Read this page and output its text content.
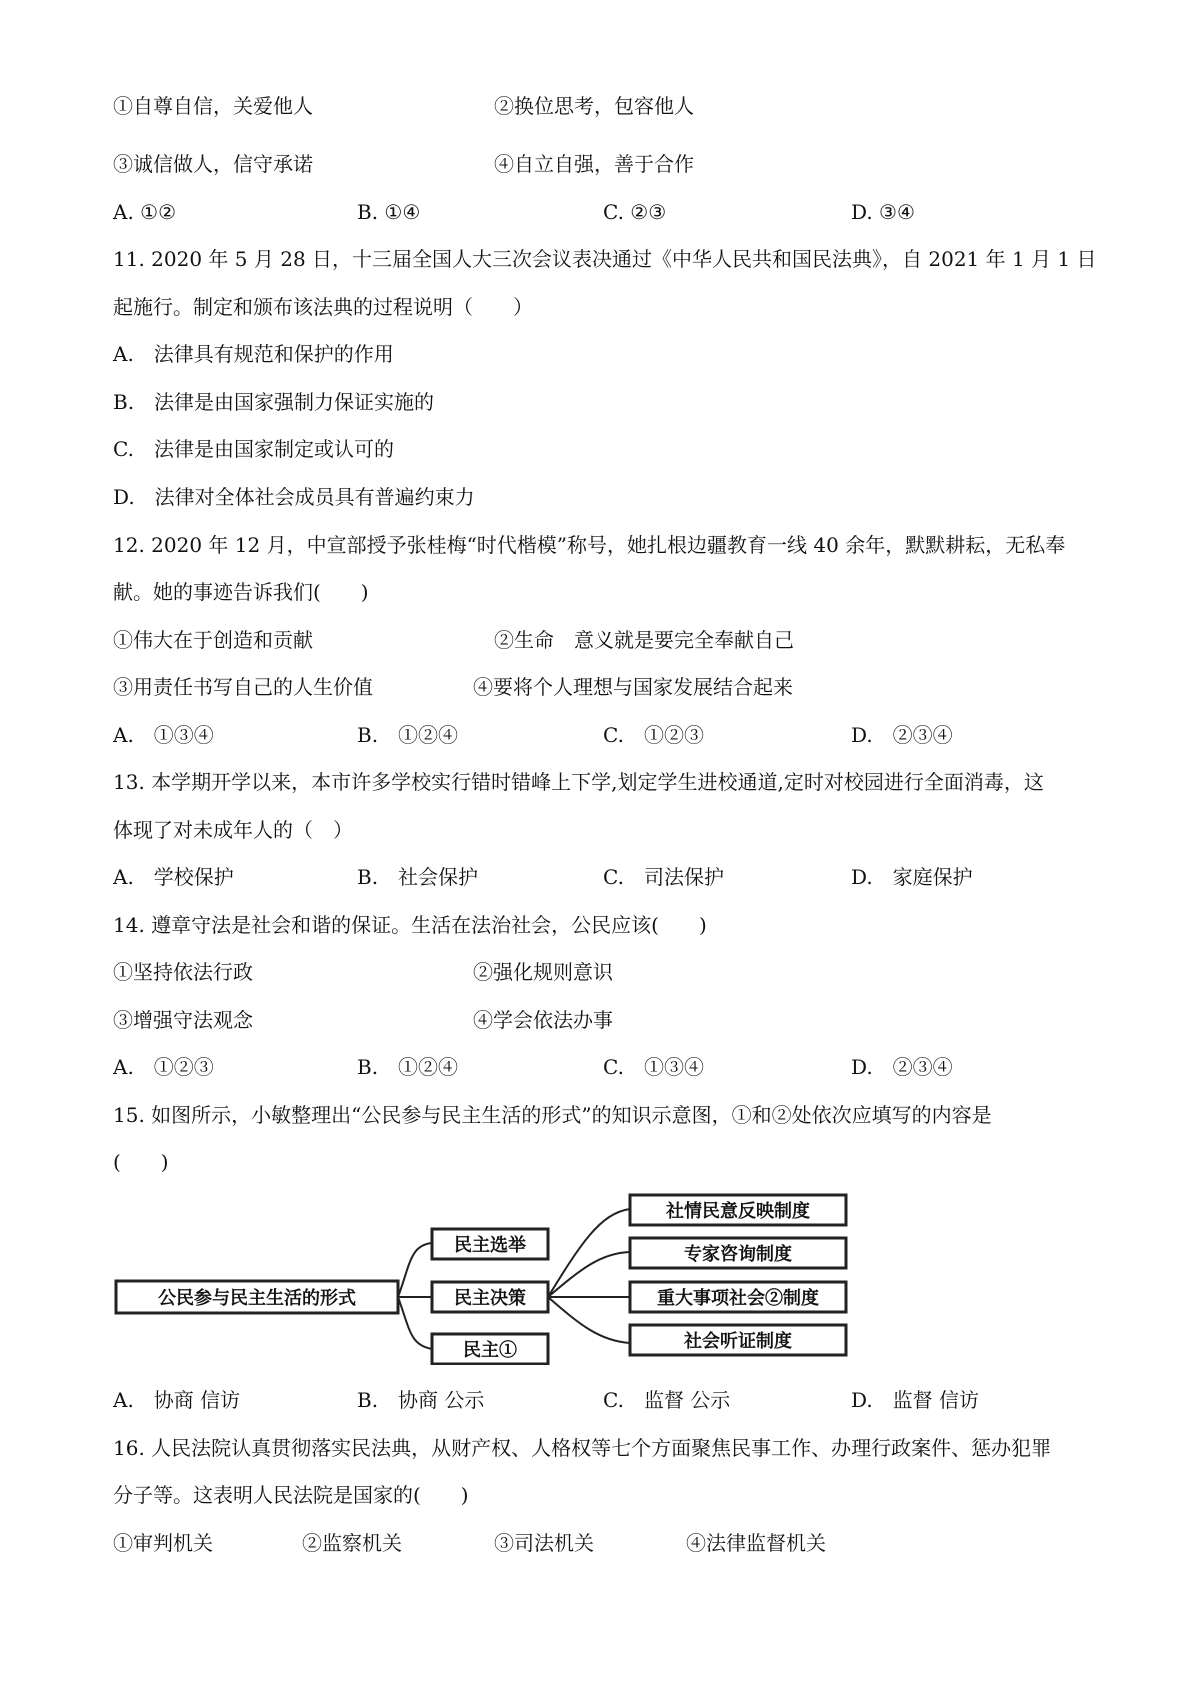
①自尊自信，关爱他人	②换位思考，包容他人
③诚信做人，信守承诺	④自立自强，善于合作
A. ①②	B. ①④	C. ②③	D. ③④
11. 2020 年 5 月 28 日，十三届全国人大三次会议表决通过《中华人民共和国民法典》，自 2021 年 1 月 1 日
起施行。制定和颁布该法典的过程说明（　　）
A.　法律具有规范和保护的作用
B.　法律是由国家强制力保证实施的
C.　法律是由国家制定或认可的
D.　法律对全体社会成员具有普遍约束力
12. 2020 年 12 月，中宣部授予张桂梅“时代楷模”称号，她扎根边疆教育一线 40 余年，默默耕耘，无私奉
献。她的事迹告诉我们(　　)
①伟大在于创造和贡献	②生命　意义就是要完全奉献自己
③用责任书写自己的人生价值	④要将个人理想与国家发展结合起来
A.　①③④	B.　①②④	C.　①②③	D.　②③④
13. 本学期开学以来，本市许多学校实行错时错峰上下学,划定学生进校通道,定时对校园进行全面消毒，这
体现了对未成年人的（　）
A.　学校保护	B.　社会保护	C.　司法保护	D.　家庭保护
14. 遵章守法是社会和谐的保证。生活在法治社会，公民应该(　　)
①坚持依法行政	②强化规则意识
③增强守法观念	④学会依法办事
A.　①②③	B.　①②④	C.　①③④	D.　②③④
15. 如图所示，小敏整理出“公民参与民主生活的形式”的知识示意图，①和②处依次应填写的内容是
(　　)
公民参与民主生活的形式
民主选举
民主决策
民主①
社情民意反映制度
专家咨询制度
重大事项社会②制度
社会听证制度
A.　协商 信访	B.　协商 公示	C.　监督 公示	D.　监督 信访
16. 人民法院认真贯彻落实民法典，从财产权、人格权等七个方面聚焦民事工作、办理行政案件、惩办犯罪
分子等。这表明人民法院是国家的(　　)
①审判机关	②监察机关	③司法机关	④法律监督机关
